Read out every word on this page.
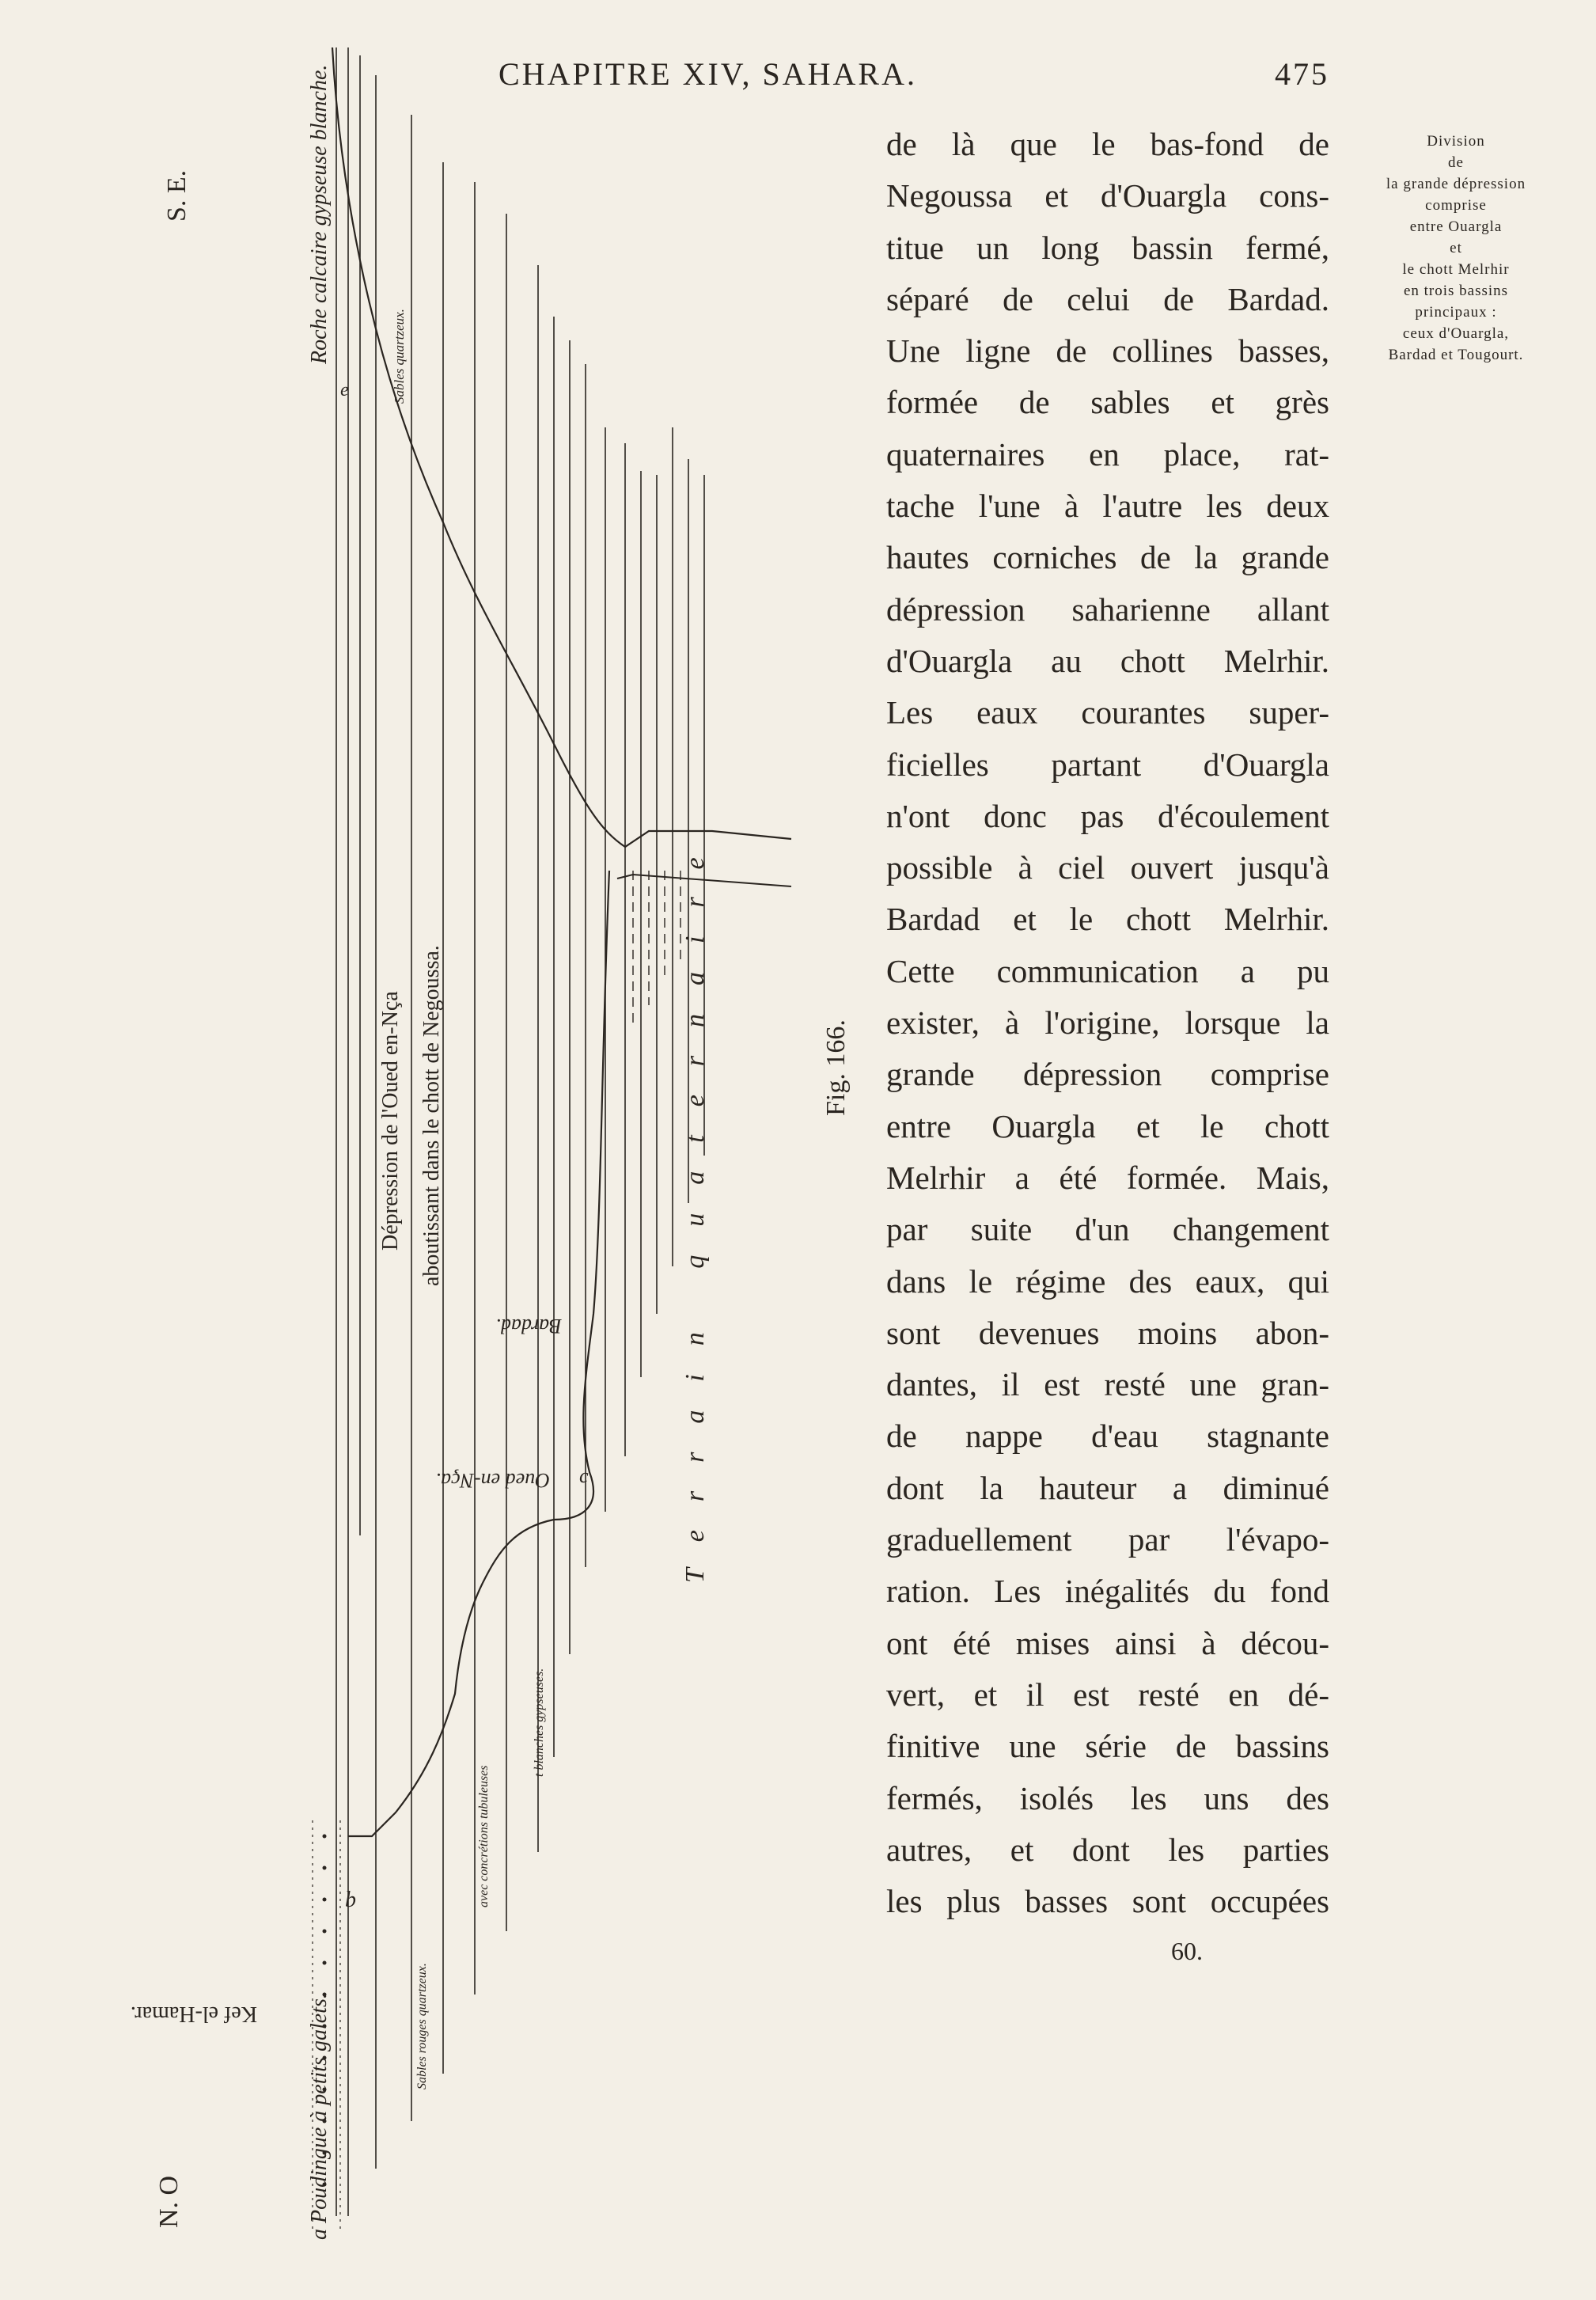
CHAPITRE XIV, SAHARA.	475
S. E.
N. O
Roche calcaire gypseuse blanche.	Sables quartzeux.
Dépression de l'Oued en-Nça aboutissant dans le chott de Negoussa.	Terrain quaternaire	Fig. 166.
Bardad.
Oued en-Nça.
Kef el-Hamar.
t blanches gypseuses.
avec concrétions tubuleuses
Sables rouges quartzeux.
a Poudingue à petits galets.
b
c
e
de là que le bas-fond de
Negoussa et d'Ouargla cons-
titue un long bassin fermé,
séparé de celui de Bardad.
Une ligne de collines basses,
formée de sables et grès
quaternaires en place, rat-
tache l'une à l'autre les deux
hautes corniches de la grande
dépression saharienne allant
d'Ouargla au chott Melrhir.
Les eaux courantes super-
ficielles partant d'Ouargla
n'ont donc pas d'écoulement
possible à ciel ouvert jusqu'à
Bardad et le chott Melrhir.
Cette communication a pu
exister, à l'origine, lorsque la
grande dépression comprise
entre Ouargla et le chott
Melrhir a été formée. Mais,
par suite d'un changement
dans le régime des eaux, qui
sont devenues moins abon-
dantes, il est resté une gran-
de nappe d'eau stagnante
dont la hauteur a diminué
graduellement par l'évapo-
ration. Les inégalités du fond
ont été mises ainsi à décou-
vert, et il est resté en dé-
finitive une série de bassins
fermés, isolés les uns des
autres, et dont les parties
les plus basses sont occupées
60.
Division
de
la grande dépression
comprise
entre Ouargla
et
le chott Melrhir
en trois bassins
principaux :
ceux d'Ouargla,
Bardad et Tougourt.
